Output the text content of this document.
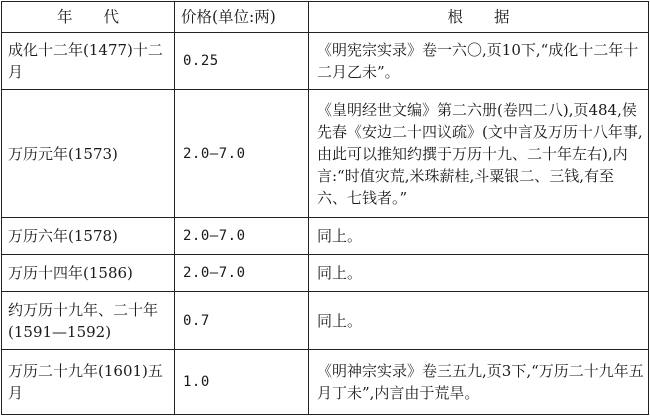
年　　代	价格(单位:两)	根　　据
成化十二年(1477)十二月	0.25	《明宪宗实录》卷一六〇,页10下,“成化十二年十二月乙未”。
万历元年(1573)	2.0—7.0	《皇明经世文编》第二六册(卷四二八),页484,侯先春《安边二十四议疏》(文中言及万历十八年事,由此可以推知约撰于万历十九、二十年左右),内言:“时值灾荒,米珠薪桂,斗粟银二、三钱,有至六、七钱者。”
万历六年(1578)	2.0—7.0	同上。
万历十四年(1586)	2.0—7.0	同上。
约万历十九年、二十年(1591—1592)	0.7	同上。
万历二十九年(1601)五月	1.0	《明神宗实录》卷三五九,页3下,“万历二十九年五月丁未”,内言由于荒旱。
